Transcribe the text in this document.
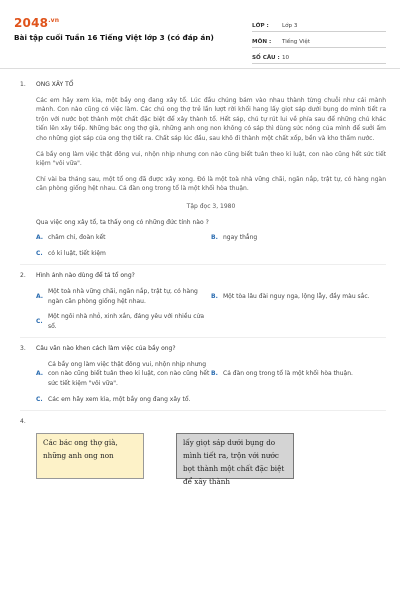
$2048^{.vn}$
Bài tập cuối Tuần 16 Tiếng Việt lớp 3 (có đáp án)
LỚP :	Lớp 3
MÔN :	Tiếng Việt
SỐ CÂU : 10
1.	ONG XÂY TỔ
Các em hãy xem kìa, một bầy ong đang xây tổ. Lúc đầu chúng bám vào nhau thành từng chuỗi như cái mành mành. Con nào cũng có việc làm. Các chú ong thợ trẻ lần lượt rời khối hang lấy giọt sáp dưới bụng do mình tiết ra trộn với nước bọt thành một chất đặc biệt để xây thành tổ. Hết sáp, chú tự rút lui về phía sau để những chú khác tiến lên xây tiếp. Những bác ong thợ già, những anh ong non không có sáp thì dùng sức nóng của mình để sưởi ấm cho những giọt sáp của ong thợ tiết ra. Chất sáp lúc đầu, sau khô đi thành một chất xốp, bền và kho thấm nước.
Cả bầy ong làm việc thật đông vui, nhộn nhịp nhưng con nào cũng biết tuân theo kỉ luật, con nào cũng hết sức tiết kiệm "vôi vữa".
Chỉ vài ba tháng sau, một tổ ong đã được xây xong. Đó là một toà nhà vững chãi, ngăn nắp, trật tự, có hàng ngàn căn phòng giống hệt nhau. Cả đàn ong trong tổ là một khối hòa thuận.
Tập đọc 3, 1980
Qua việc ong xây tổ, ta thấy ong có những đức tính nào ?
A. chăm chỉ, đoàn kết	B. ngay thẳng
C. có kỉ luật, tiết kiệm
2.	Hình ảnh nào dùng để tả tổ ong?
A.
Một toà nhà vững chãi, ngăn nắp, trật tự, có hàng ngàn căn phòng giống hệt nhau.
B. Một tòa lâu đài nguy nga, lộng lẫy, đầy màu sắc.
C.
Một ngôi nhà nhỏ, xinh xắn, đáng yêu với nhiều cửa sổ.
3.	Câu văn nào khen cách làm việc của bầy ong?
A.
Cả bầy ong làm việc thật đông vui, nhộn nhịp nhưng con nào cũng biết tuân theo kỉ luật, con nào cũng hết sức tiết kiệm "vôi vữa".
B. Cả đàn ong trong tổ là một khối hòa thuận.
C. Các em hãy xem kìa, một bầy ong đang xây tổ.
4.
Các bác ong thợ già, những anh ong non
lấy giọt sáp dưới bụng do mình tiết ra, trộn với nước bọt thành một chất đặc biệt để xây thành
